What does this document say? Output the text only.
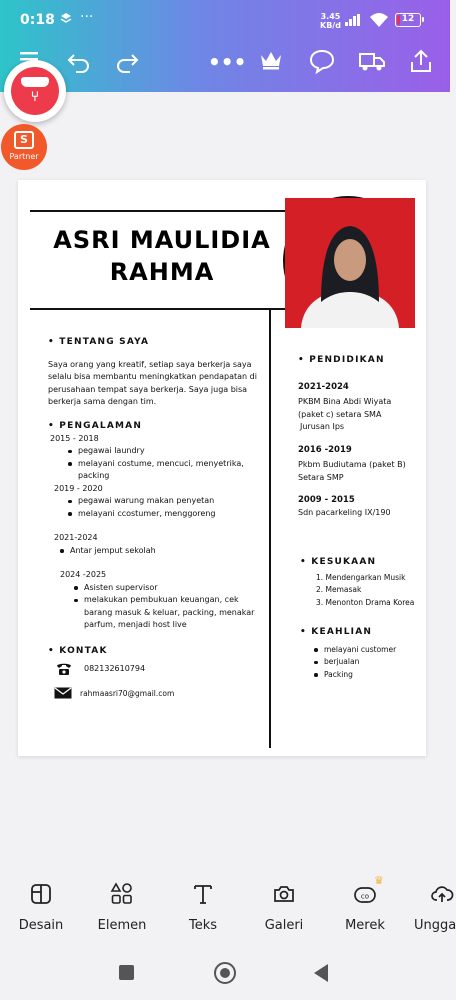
0:18 ···	3.45
KB/d
12
•••
⑂
S
Partner
ASRI MAULIDIA
RAHMA
• TENTANG SAYA
Saya orang yang kreatif, setiap saya berkerja saya selalu bisa membantu meningkatkan pendapatan di perusahaan tempat saya berkerja. Saya juga bisa berkerja sama dengan tim.
• PENGALAMAN
2015 - 2018
pegawai laundry
melayani costume, mencuci, menyetrika, packing
2019 - 2020
pegawai warung makan penyetan
melayani ccostumer, menggoreng
2021-2024
Antar jemput sekolah
2024 -2025
Asisten supervisor
melakukan pembukuan keuangan, cek barang masuk & keluar, packing, menakar parfum, menjadi host live
• KONTAK
082132610794
rahmaasri70@gmail.com
• PENDIDIKAN
2021-2024
PKBM Bina Abdi Wiyata
(paket c) setara SMA
Jurusan Ips
2016 -2019
Pkbm Budiutama (paket B)
Setara SMP
2009 - 2015
Sdn pacarkeling IX/190
• KESUKAAN
1. Mendengarkan Musik
2. Memasak
3. Menonton Drama Korea
• KEAHLIAN
melayani customer
berjualan
Packing
Desain	Elemen	Teks	Galeri
♛
co
Merek	Ungga
